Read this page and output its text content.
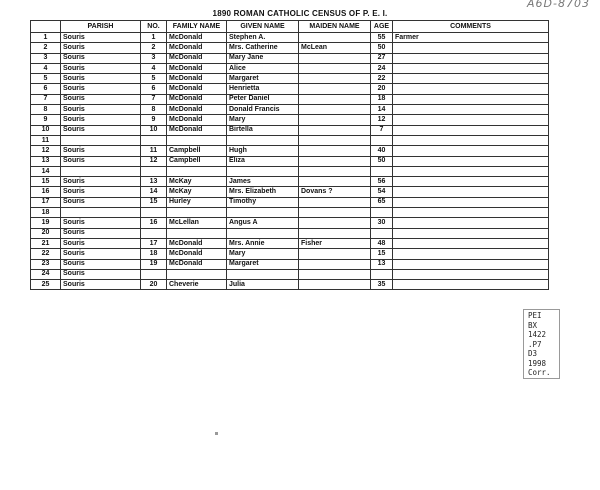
A6D-8703
1890 ROMAN CATHOLIC CENSUS OF P. E. I.
	PARISH	NO.	FAMILY NAME	GIVEN NAME	MAIDEN NAME	AGE	COMMENTS
1	Souris	1	McDonald	Stephen A.		55	Farmer
2	Souris	2	McDonald	Mrs. Catherine	McLean	50	
3	Souris	3	McDonald	Mary Jane		27	
4	Souris	4	McDonald	Alice		24	
5	Souris	5	McDonald	Margaret		22	
6	Souris	6	McDonald	Henrietta		20	
7	Souris	7	McDonald	Peter Daniel		18	
8	Souris	8	McDonald	Donald Francis		14	
9	Souris	9	McDonald	Mary		12	
10	Souris	10	McDonald	Birtella		7	
11							
12	Souris	11	Campbell	Hugh		40	
13	Souris	12	Campbell	Eliza		50	
14							
15	Souris	13	McKay	James		56	
16	Souris	14	McKay	Mrs. Elizabeth	Dovans ?	54	
17	Souris	15	Hurley	Timothy		65	
18							
19	Souris	16	McLellan	Angus A		30	
20	Souris						
21	Souris	17	McDonald	Mrs. Annie	Fisher	48	
22	Souris	18	McDonald	Mary		15	
23	Souris	19	McDonald	Margaret		13	
24	Souris						
25	Souris	20	Cheverie	Julia		35	
PEI
BX
1422
.P7
D3
1998
Corr.
